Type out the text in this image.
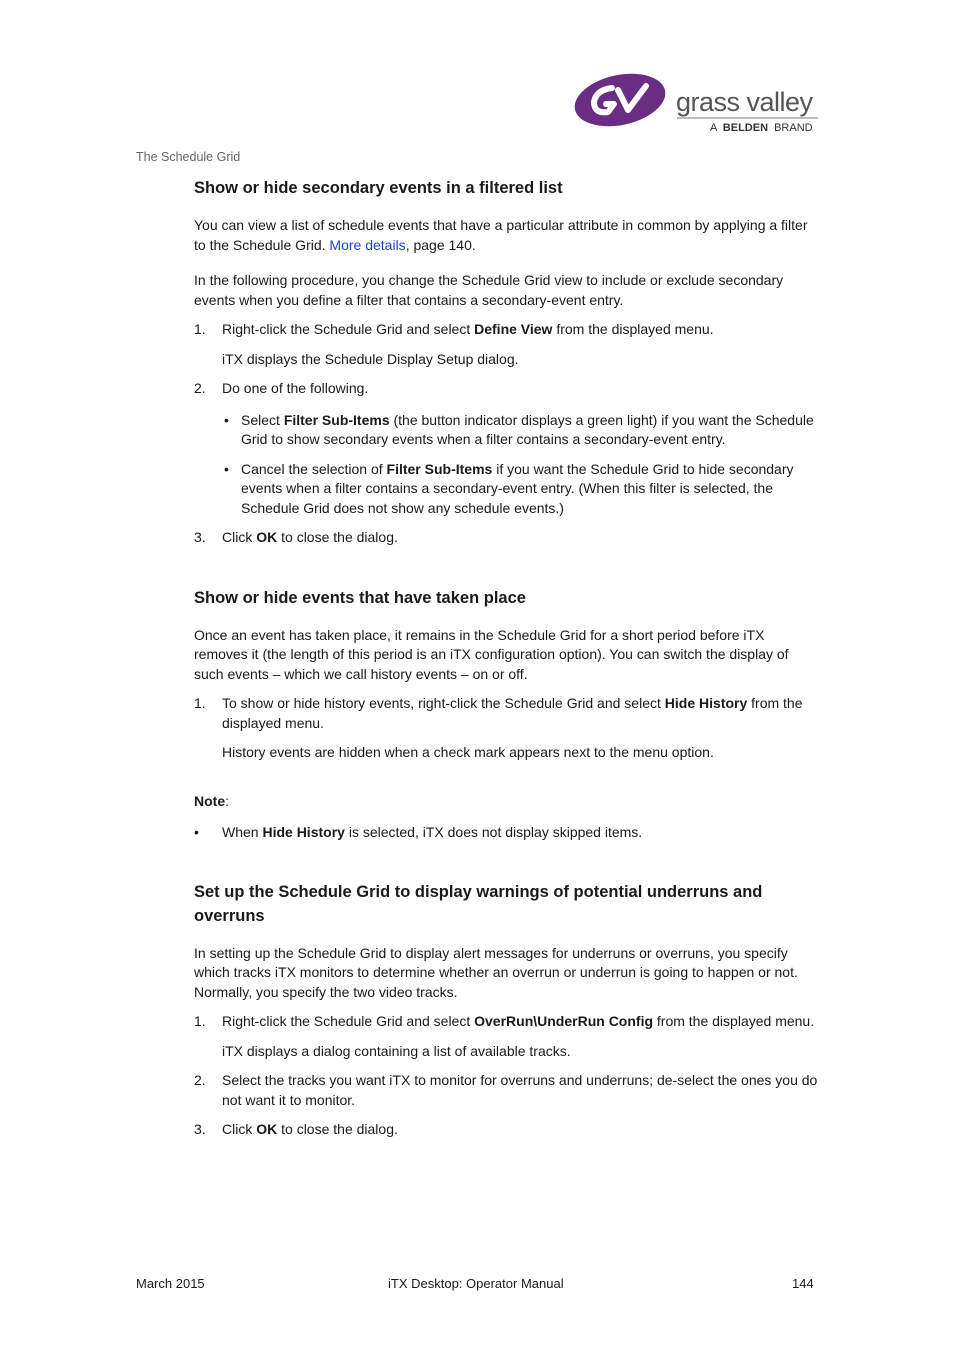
grass valley
A BELDEN BRAND
The Schedule Grid
Show or hide secondary events in a filtered list

You can view a list of schedule events that have a particular attribute in common by applying a filter to the Schedule Grid. More details, page 140.

In the following procedure, you change the Schedule Grid view to include or exclude secondary events when you define a filter that contains a secondary-event entry.

1. Right-click the Schedule Grid and select Define View from the displayed menu.

iTX displays the Schedule Display Setup dialog.

2. Do one of the following.
• Select Filter Sub-Items (the button indicator displays a green light) if you want the Schedule Grid to show secondary events when a filter contains a secondary-event entry.
• Cancel the selection of Filter Sub-Items if you want the Schedule Grid to hide secondary events when a filter contains a secondary-event entry. (When this filter is selected, the Schedule Grid does not show any schedule events.)
3. Click OK to close the dialog.
Show or hide events that have taken place

Once an event has taken place, it remains in the Schedule Grid for a short period before iTX removes it (the length of this period is an iTX configuration option). You can switch the display of such events – which we call history events – on or off.

1. To show or hide history events, right-click the Schedule Grid and select Hide History from the displayed menu.

History events are hidden when a check mark appears next to the menu option.

Note:

• When Hide History is selected, iTX does not display skipped items.
Set up the Schedule Grid to display warnings of potential underruns and overruns

In setting up the Schedule Grid to display alert messages for underruns or overruns, you specify which tracks iTX monitors to determine whether an overrun or underrun is going to happen or not. Normally, you specify the two video tracks.

1. Right-click the Schedule Grid and select OverRun\UnderRun Config from the displayed menu.

iTX displays a dialog containing a list of available tracks.

2. Select the tracks you want iTX to monitor for overruns and underruns; de-select the ones you do not want it to monitor.
3. Click OK to close the dialog.
March 2015	iTX Desktop: Operator Manual	144
